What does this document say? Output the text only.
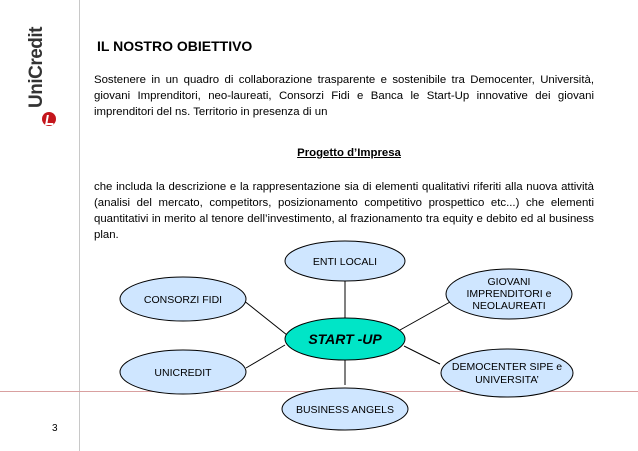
UniCredit
3
IL NOSTRO OBIETTIVO
Sostenere in un quadro di collaborazione trasparente e sostenibile tra Democenter, Università, giovani Imprenditori, neo-laureati, Consorzi Fidi e Banca le Start-Up innovative dei giovani imprenditori del ns. Territorio in presenza di un
Progetto d’Impresa
che includa la descrizione e la rappresentazione sia di elementi qualitativi riferiti alla nuova attività (analisi del mercato, competitors, posizionamento competitivo prospettico etc...) che elementi quantitativi in merito al tenore dell’investimento, al frazionamento tra equity e debito ed al business plan.
ENTI LOCALI
CONSORZI FIDI
GIOVANI
IMPRENDITORI e
NEOLAUREATI
START -UP
UNICREDIT	DEMOCENTER SIPE e
UNIVERSITA’
BUSINESS ANGELS
